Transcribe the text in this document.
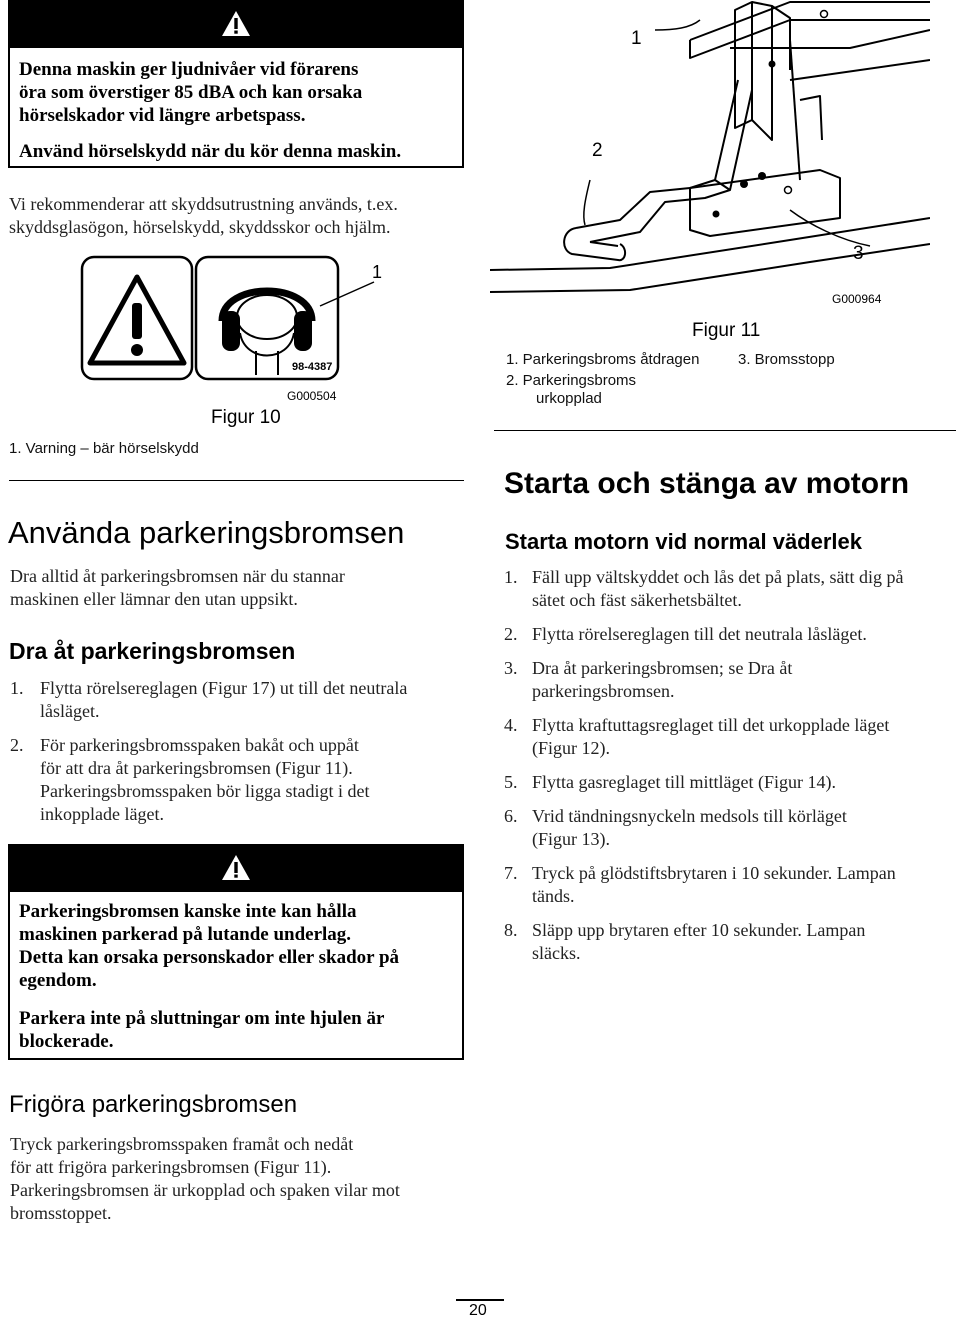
Denna maskin ger ljudnivåer vid förarens

öra som överstiger 85 dBA och kan orsaka

hörselskador vid längre arbetspass.

Använd hörselskydd när du kör denna maskin.

Vi rekommenderar att skyddsutrustning används, t.ex.
skyddsglasögon, hörselskydd, skyddsskor och hjälm.
98-4387
1
G000504
Figur 10
1. Varning – bär hörselskydd
Använda parkeringsbromsen
Dra alltid åt parkeringsbromsen när du stannar
maskinen eller lämnar den utan uppsikt.
Dra åt parkeringsbromsen
1. Flytta rörelsereglagen (Figur 17) ut till det neutrala
låsläget.
2. För parkeringsbromsspaken bakåt och uppåt
för att dra åt parkeringsbromsen (Figur 11).
Parkeringsbromsspaken bör ligga stadigt i det
inkopplade läget.

Parkeringsbromsen kanske inte kan hålla

maskinen parkerad på lutande underlag.

Detta kan orsaka personskador eller skador på

egendom.

Parkera inte på sluttningar om inte hjulen är

blockerade.

Frigöra parkeringsbromsen
Tryck parkeringsbromsspaken framåt och nedåt
för att frigöra parkeringsbromsen (Figur 11).
Parkeringsbromsen är urkopplad och spaken vilar mot
bromsstoppet.
1
2
3
G000964
Figur 11
1. Parkeringsbroms åtdragen	3. Bromsstopp
2. Parkeringsbroms
urkopplad
Starta och stänga av motorn
Starta motorn vid normal väderlek
1. Fäll upp vältskyddet och lås det på plats, sätt dig på
sätet och fäst säkerhetsbältet.
2. Flytta rörelsereglagen till det neutrala låsläget.
3. Dra åt parkeringsbromsen; se Dra åt
parkeringsbromsen.
4. Flytta kraftuttagsreglaget till det urkopplade läget
(Figur 12).
5. Flytta gasreglaget till mittläget (Figur 14).
6. Vrid tändningsnyckeln medsols till körläget
(Figur 13).
7. Tryck på glödstiftsbrytaren i 10 sekunder. Lampan
tänds.
8. Släpp upp brytaren efter 10 sekunder. Lampan
släcks.
20
